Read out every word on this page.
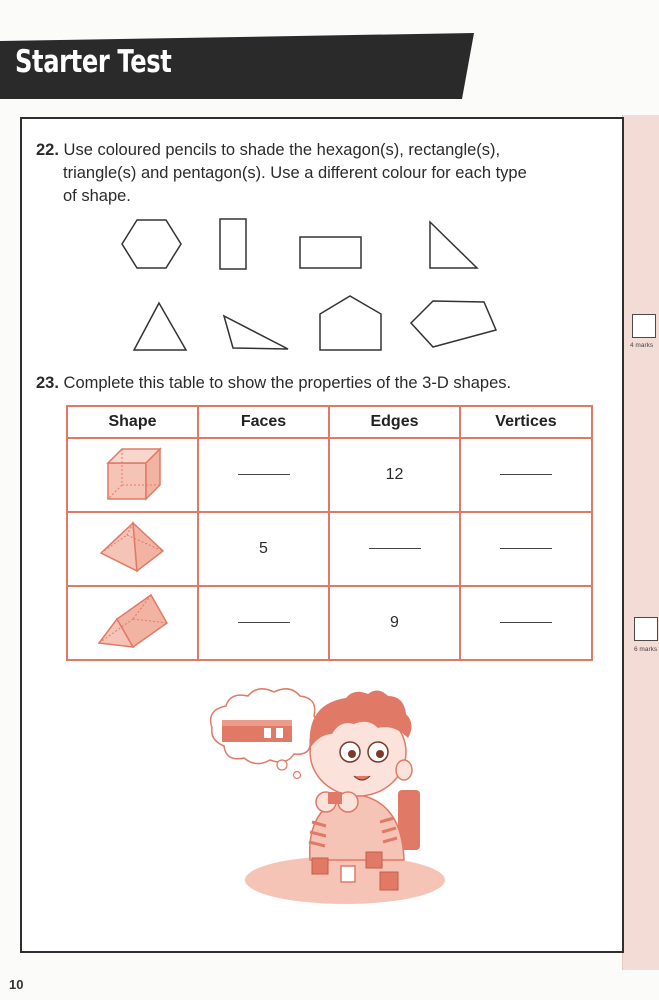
Starter Test
22. Use coloured pencils to shade the hexagon(s), rectangle(s),
triangle(s) and pentagon(s). Use a different colour for each type
of shape.
4 marks
23. Complete this table to show the properties of the 3-D shapes.
Shape	Faces	Edges	Vertices
		12	
	5		
		9	
6 marks
10
